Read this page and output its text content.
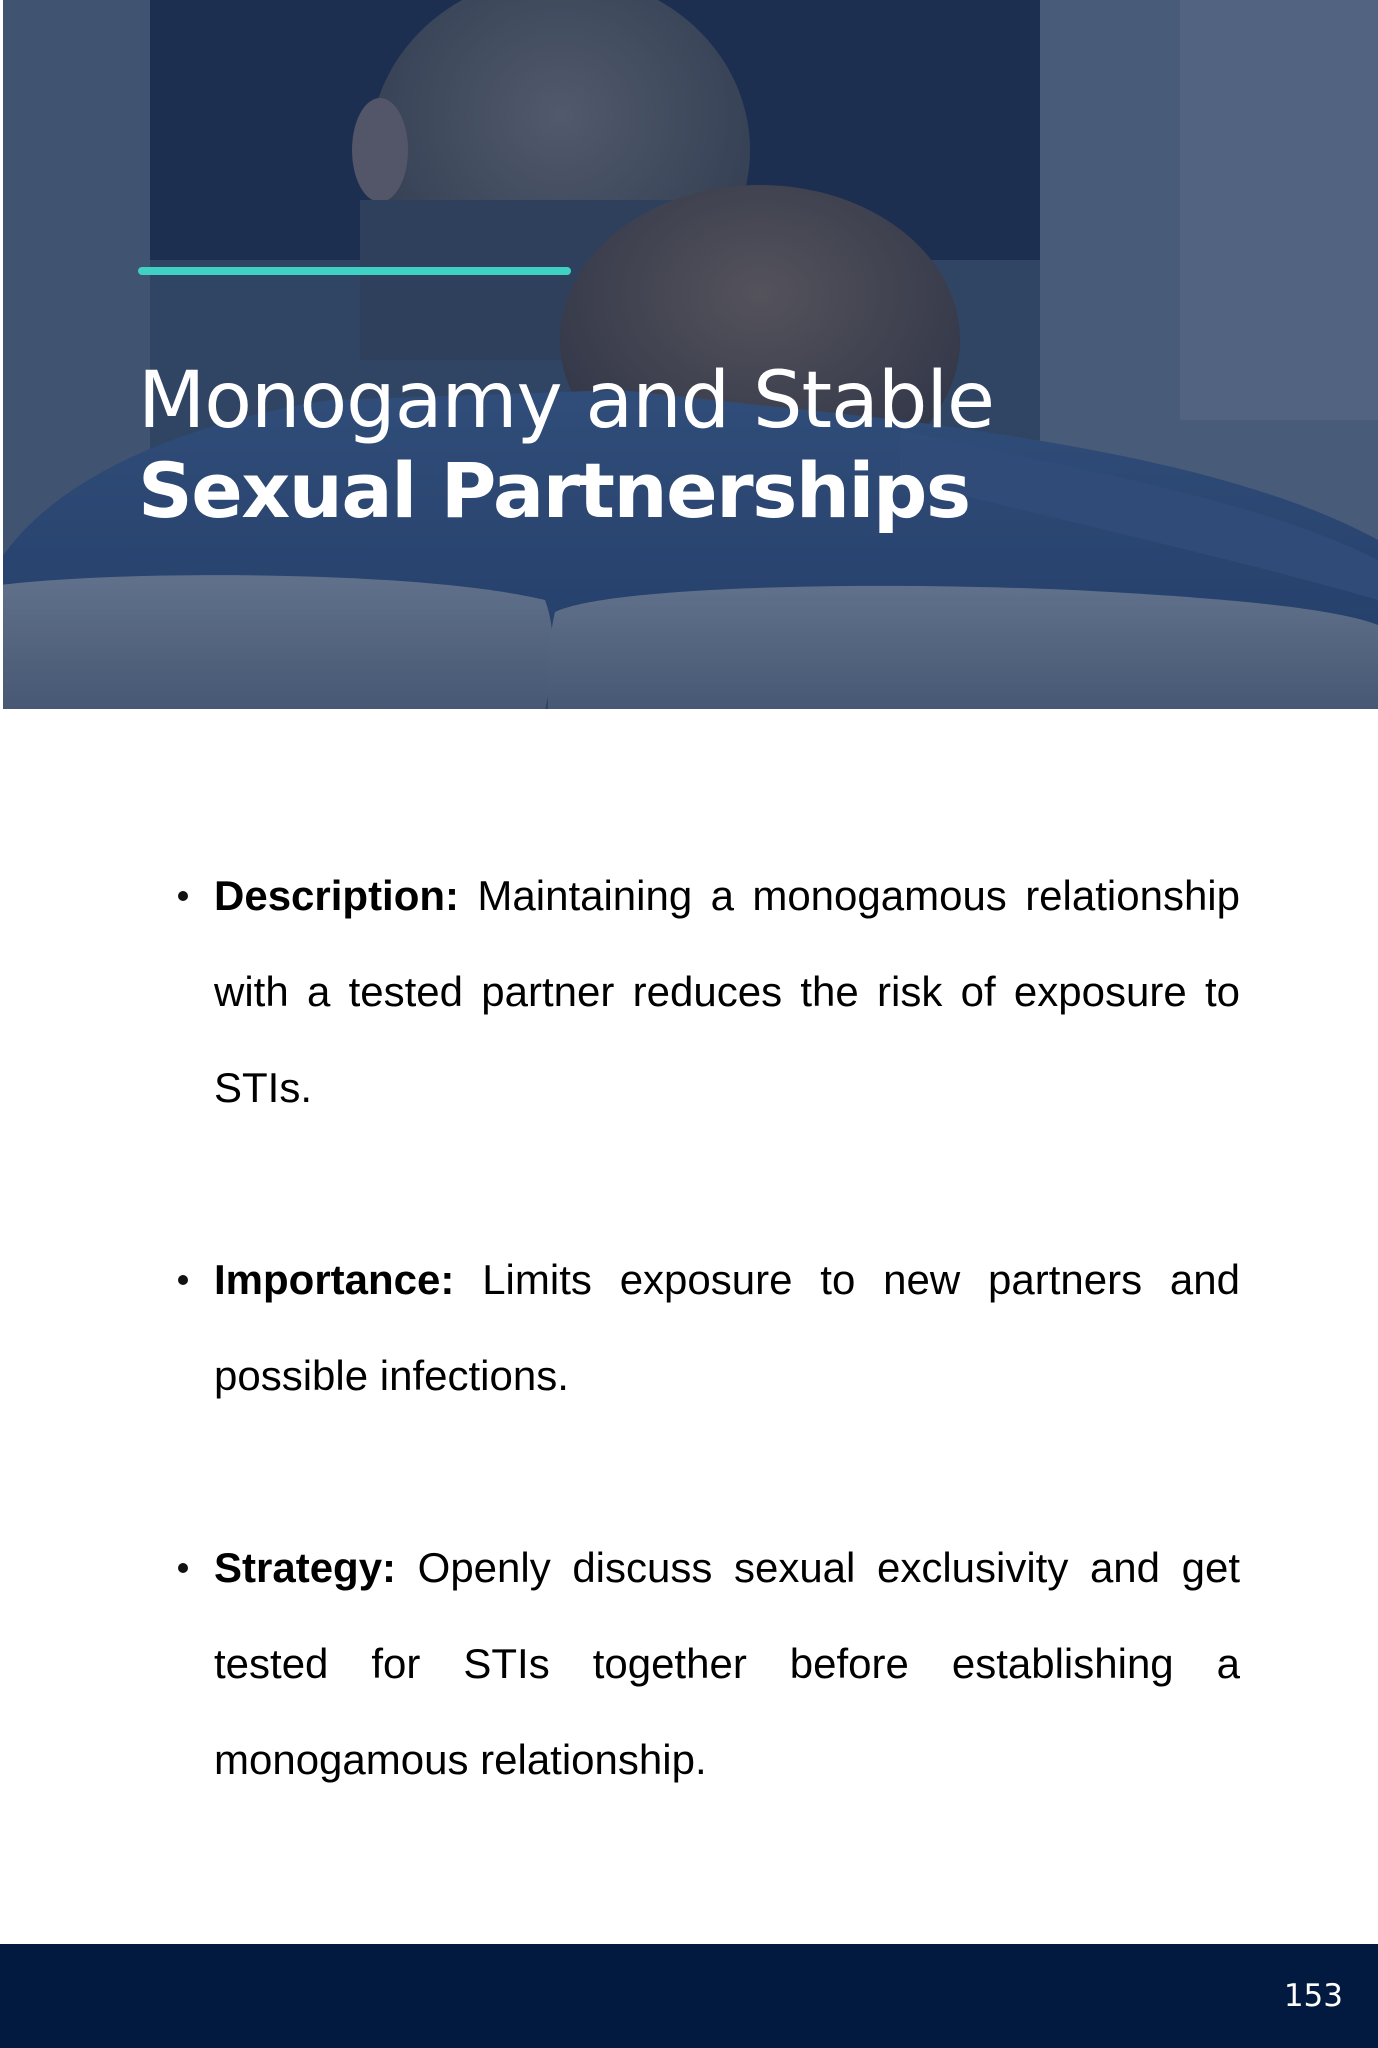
Monogamy and Stable
Sexual Partnerships
Description: Maintaining a monogamous relationship with a tested partner reduces the risk of exposure to STIs.
Importance: Limits exposure to new partners and possible infections.
Strategy: Openly discuss sexual exclusivity and get tested for STIs together before establishing a monogamous relationship.
153
